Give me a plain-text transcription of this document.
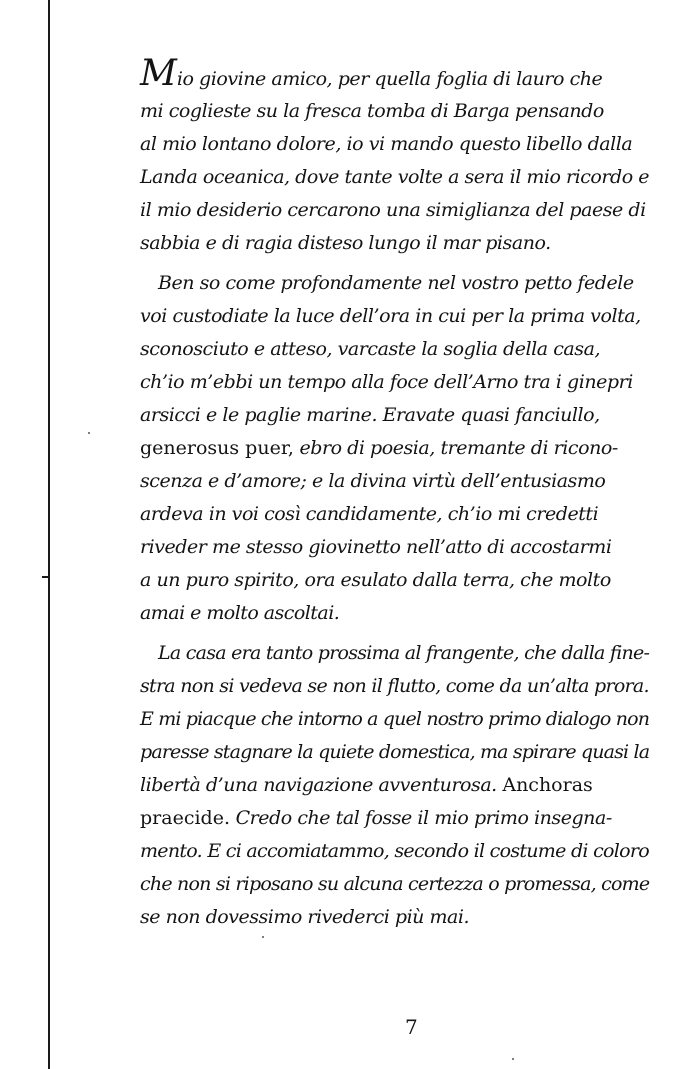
Mio giovine amico, per quella foglia di lauro che
mi coglieste su la fresca tomba di Barga pensando
al mio lontano dolore, io vi mando questo libello dalla
Landa oceanica, dove tante volte a sera il mio ricordo e
il mio desiderio cercarono una simiglianza del paese di
sabbia e di ragia disteso lungo il mar pisano.
Ben so come profondamente nel vostro petto fedele
voi custodiate la luce dell’ora in cui per la prima volta,
sconosciuto e atteso, varcaste la soglia della casa,
ch’io m’ebbi un tempo alla foce dell’Arno tra i ginepri
arsicci e le paglie marine. Eravate quasi fanciullo,
generosus puer, ebro di poesia, tremante di ricono-
scenza e d’amore; e la divina virtù dell’entusiasmo
ardeva in voi così candidamente, ch’io mi credetti
riveder me stesso giovinetto nell’atto di accostarmi
a un puro spirito, ora esulato dalla terra, che molto
amai e molto ascoltai.
La casa era tanto prossima al frangente, che dalla fine-
stra non si vedeva se non il flutto, come da un’alta prora.
E mi piacque che intorno a quel nostro primo dialogo non
paresse stagnare la quiete domestica, ma spirare quasi la
libertà d’una navigazione avventurosa. Anchoras
praecide. Credo che tal fosse il mio primo insegna-
mento. E ci accomiatammo, secondo il costume di coloro
che non si riposano su alcuna certezza o promessa, come
se non dovessimo rivederci più mai.
7
